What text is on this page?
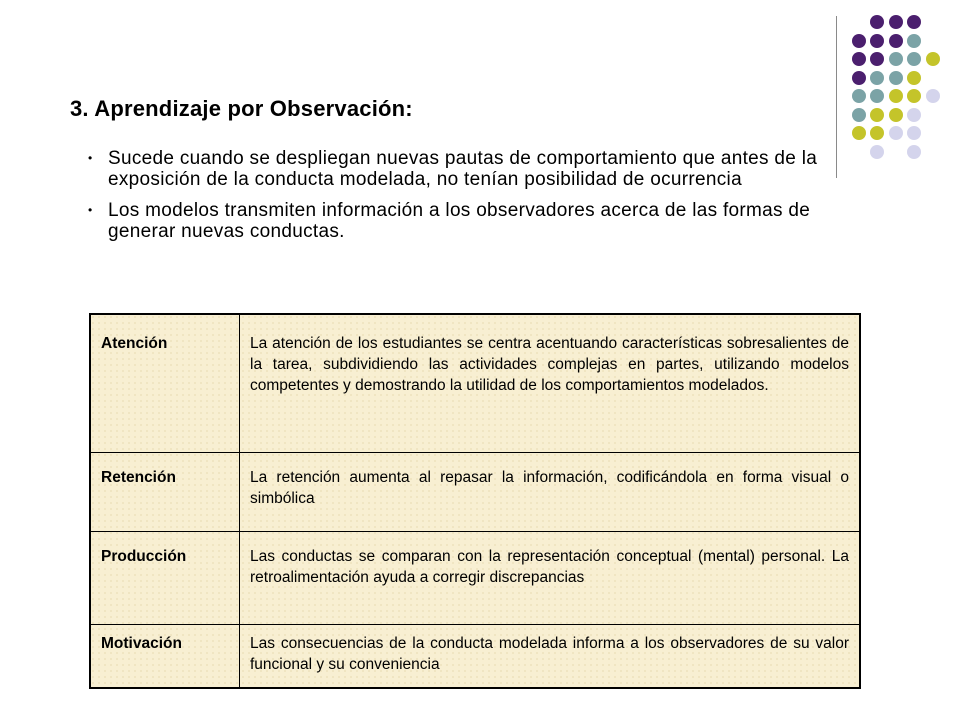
3. Aprendizaje por Observación:
• Sucede cuando se despliegan nuevas pautas de comportamiento que antes de la exposición de la conducta modelada, no tenían posibilidad de ocurrencia
• Los modelos transmiten información a los observadores acerca de las formas de generar nuevas conductas.
Atención	La atención de los estudiantes se centra acentuando características sobresalientes de la tarea, subdividiendo las actividades complejas en partes, utilizando modelos competentes y demostrando la utilidad de los comportamientos modelados.
Retención	La retención aumenta al repasar la información, codificándola en forma visual o simbólica
Producción	Las conductas se comparan con la representación conceptual (mental) personal. La retroalimentación ayuda a corregir discrepancias
Motivación	Las consecuencias de la conducta modelada informa a los observadores de su valor funcional y su conveniencia
